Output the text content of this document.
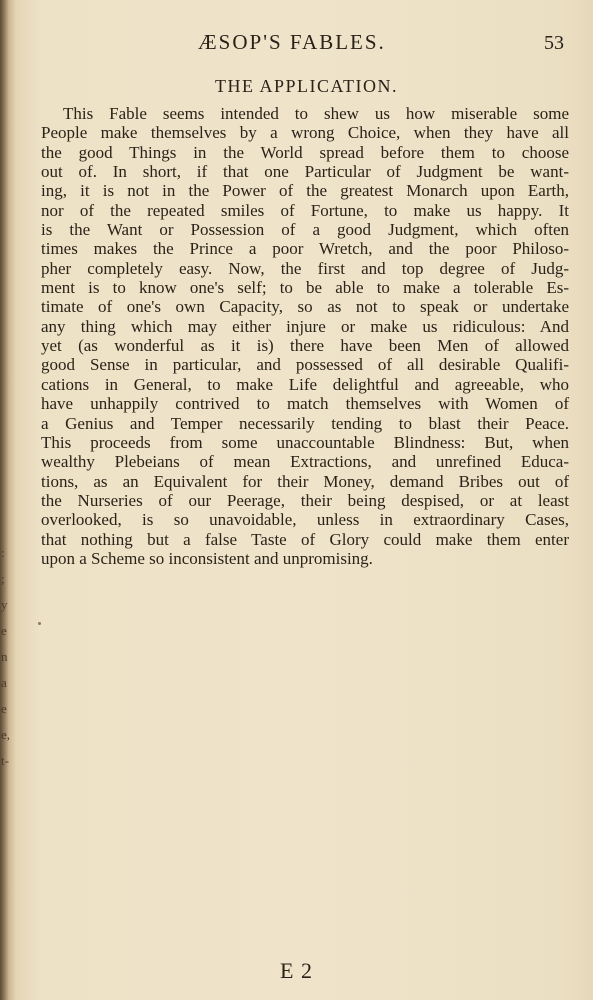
:
;
y
e
n
a
e
e,
t-
ÆSOP'S FABLES.	53
THE APPLICATION.
This Fable seems intended to shew us how miserable some
People make themselves by a wrong Choice, when they have all
the good Things in the World spread before them to choose
out of. In short, if that one Particular of Judgment be want-
ing, it is not in the Power of the greatest Monarch upon Earth,
nor of the repeated smiles of Fortune, to make us happy. It
is the Want or Possession of a good Judgment, which often
times makes the Prince a poor Wretch, and the poor Philoso-
pher completely easy. Now, the first and top degree of Judg-
ment is to know one's self; to be able to make a tolerable Es-
timate of one's own Capacity, so as not to speak or undertake
any thing which may either injure or make us ridiculous: And
yet (as wonderful as it is) there have been Men of allowed
good Sense in particular, and possessed of all desirable Qualifi-
cations in General, to make Life delightful and agreeable, who
have unhappily contrived to match themselves with Women of
a Genius and Temper necessarily tending to blast their Peace.
This proceeds from some unaccountable Blindness: But, when
wealthy Plebeians of mean Extractions, and unrefined Educa-
tions, as an Equivalent for their Money, demand Bribes out of
the Nurseries of our Peerage, their being despised, or at least
overlooked, is so unavoidable, unless in extraordinary Cases,
that nothing but a false Taste of Glory could make them enter
upon a Scheme so inconsistent and unpromising.
E 2
